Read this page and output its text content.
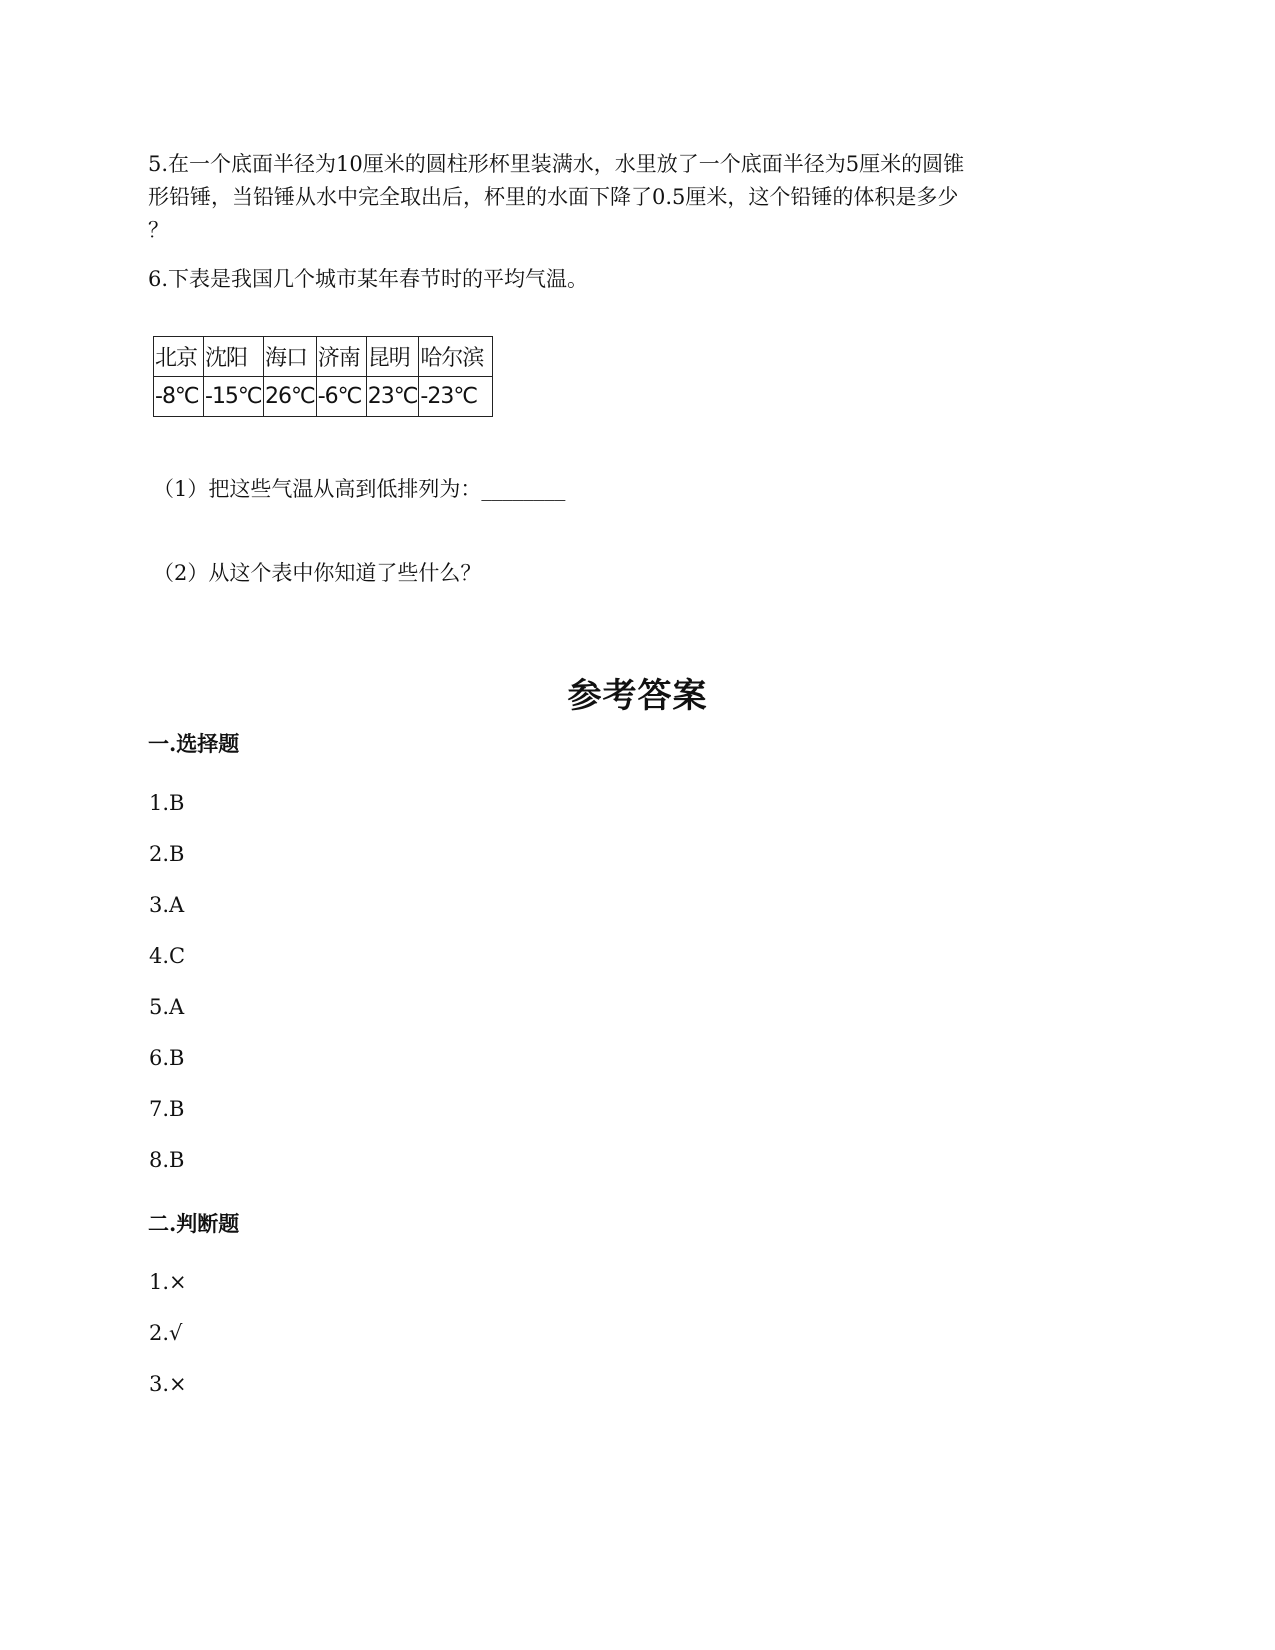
5.在一个底面半径为10厘米的圆柱形杯里装满水，水里放了一个底面半径为5厘米的圆锥
形铅锤，当铅锤从水中完全取出后，杯里的水面下降了0.5厘米，这个铅锤的体积是多少
？
6.下表是我国几个城市某年春节时的平均气温。
北京	沈阳	海口	济南	昆明	哈尔滨
-8℃	-15℃	26℃	-6℃	23℃	-23℃
（1）把这些气温从高到低排列为：________
（2）从这个表中你知道了些什么？
参考答案
一.选择题
1.B
2.B
3.A
4.C
5.A
6.B
7.B
8.B
二.判断题
1.×
2.√
3.×
